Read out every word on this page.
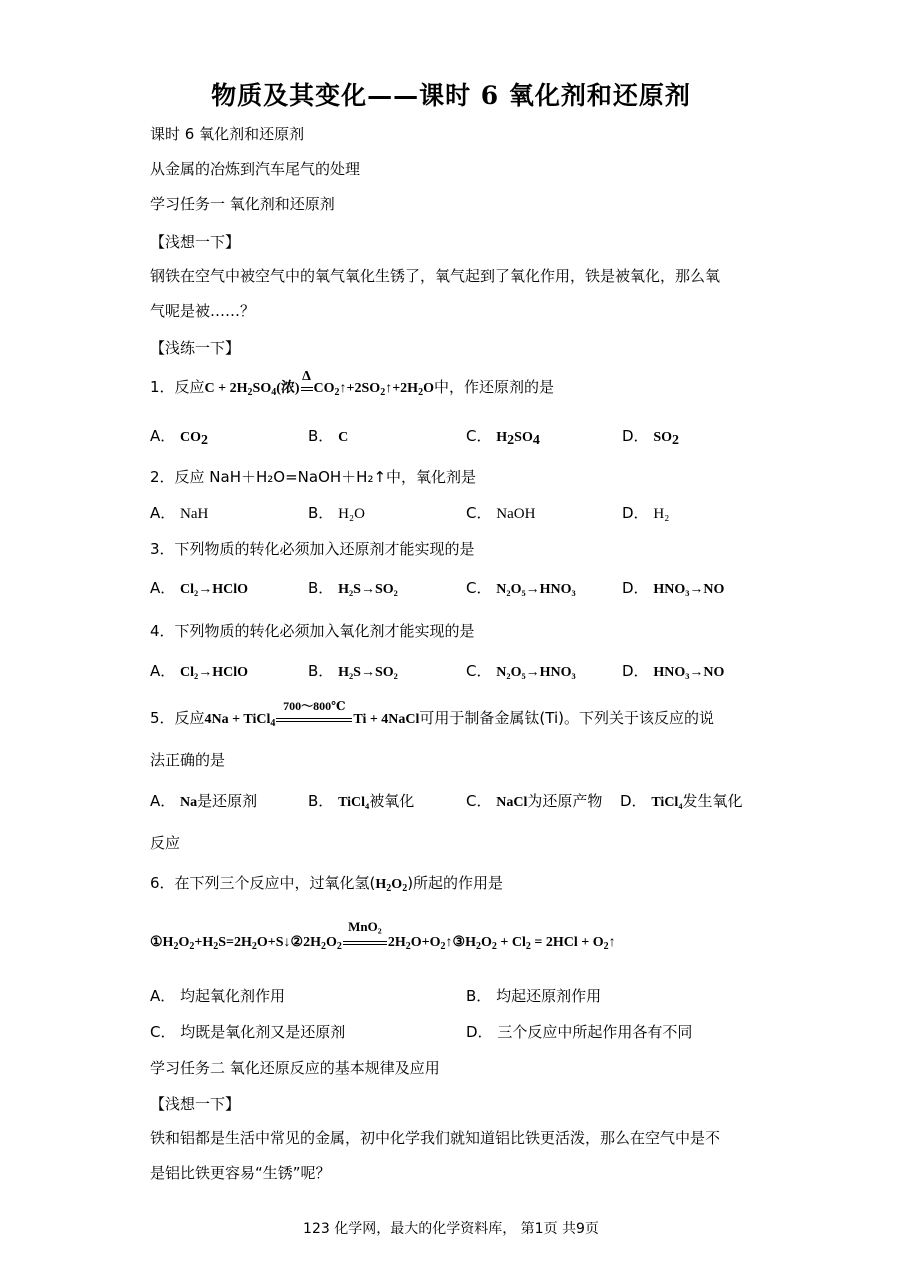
物质及其变化——课时 6 氧化剂和还原剂
课时 6 氧化剂和还原剂
从金属的冶炼到汽车尾气的处理
学习任务一 氧化剂和还原剂
【浅想一下】
钢铁在空气中被空气中的氧气氧化生锈了，氧气起到了氧化作用，铁是被氧化，那么氧
气呢是被……？
【浅练一下】
1．反应$C + 2H_2SO_4$(浓)
Δ
$CO_2↑+2SO_2↑+2H_2O$中，作还原剂的是
A． $CO_2$	B． C	C． $H_2SO_4$	D． $SO_2$
2．反应 NaH＋H₂O=NaOH＋H₂↑中，氧化剂是
A． NaH	B． H₂O	C． NaOH	D． H₂
3．下列物质的转化必须加入还原剂才能实现的是
A． Cl₂→HClO	B． H₂S→SO₂	C． N₂O₅→HNO₃	D． HNO₃→NO
4．下列物质的转化必须加入氧化剂才能实现的是
A． Cl₂→HClO	B． H₂S→SO₂	C． N₂O₅→HNO₃	D． HNO₃→NO
5．反应4Na + TiCl$_4$
700～800℃
Ti + 4NaCl可用于制备金属钛(Ti)。下列关于该反应的说
法正确的是
A． Na是还原剂	B． TiCl₄被氧化	C． NaCl为还原产物 D． TiCl₄发生氧化
反应
6．在下列三个反应中，过氧化氢$(H_2O_2)$所起的作用是
$①H_2O_2+H_2S=2H_2O+S↓②2H_2O_2$
MnO₂
$2H_2O+O_2↑③H_2O_2 + Cl_2 = 2HCl$ + $O_2↑$
A． 均起氧化剂作用	B． 均起还原剂作用
C． 均既是氧化剂又是还原剂	D． 三个反应中所起作用各有不同
学习任务二 氧化还原反应的基本规律及应用
【浅想一下】
铁和铝都是生活中常见的金属，初中化学我们就知道铝比铁更活泼，那么在空气中是不
是铝比铁更容易“生锈”呢？
123 化学网，最大的化学资料库， 第1页 共9页
